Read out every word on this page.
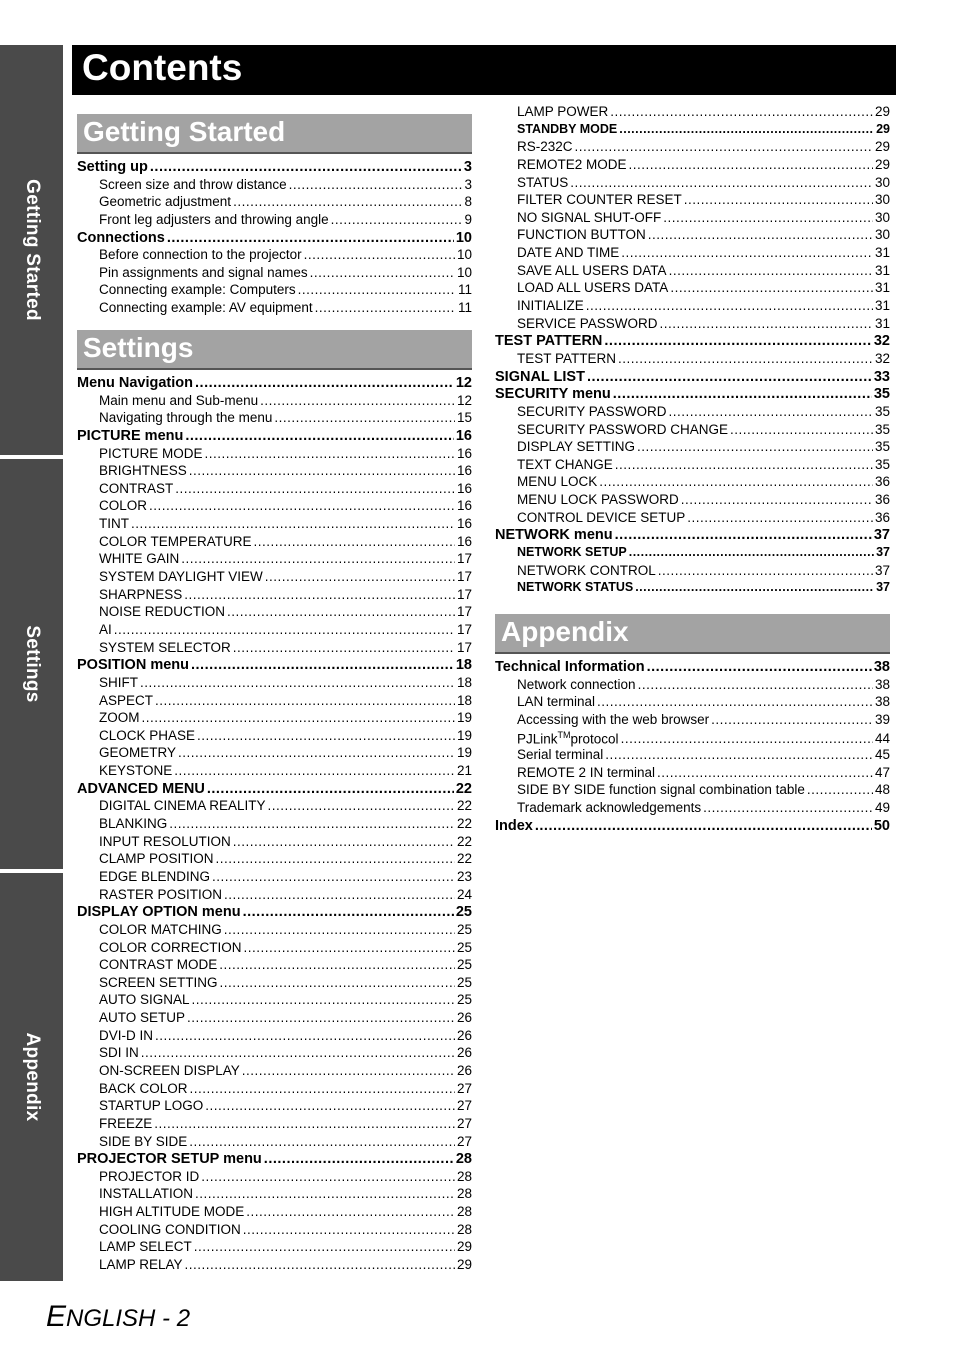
Getting Started
Settings
Appendix
Contents
Getting Started
Setting up .....	3
Screen size and throw distance .....	3
Geometric adjustment .....	8
Front leg adjusters and throwing angle .....	9
Connections .....	10
Before connection to the projector .....	10
Pin assignments and signal names .....	10
Connecting example: Computers .....	11
Connecting example: AV equipment .....	11
Settings
Menu Navigation .....	12
Main menu and Sub-menu .....	12
Navigating through the menu .....	15
PICTURE menu .....	16
PICTURE MODE .....	16
BRIGHTNESS .....	16
CONTRAST .....	16
COLOR .....	16
TINT .....	16
COLOR TEMPERATURE .....	16
WHITE GAIN .....	17
SYSTEM DAYLIGHT VIEW .....	17
SHARPNESS .....	17
NOISE REDUCTION .....	17
AI .....	17
SYSTEM SELECTOR .....	17
POSITION menu .....	18
SHIFT .....	18
ASPECT .....	18
ZOOM .....	19
CLOCK PHASE .....	19
GEOMETRY .....	19
KEYSTONE .....	21
ADVANCED MENU .....	22
DIGITAL CINEMA REALITY .....	22
BLANKING .....	22
INPUT RESOLUTION .....	22
CLAMP POSITION .....	22
EDGE BLENDING .....	23
RASTER POSITION .....	24
DISPLAY OPTION menu .....	25
COLOR MATCHING .....	25
COLOR CORRECTION .....	25
CONTRAST MODE .....	25
SCREEN SETTING .....	25
AUTO SIGNAL .....	25
AUTO SETUP .....	26
DVI-D IN .....	26
SDI IN .....	26
ON-SCREEN DISPLAY .....	26
BACK COLOR .....	27
STARTUP LOGO .....	27
FREEZE .....	27
SIDE BY SIDE .....	27
PROJECTOR SETUP menu .....	28
PROJECTOR ID .....	28
INSTALLATION .....	28
HIGH ALTITUDE MODE .....	28
COOLING CONDITION .....	28
LAMP SELECT .....	29
LAMP RELAY .....	29
LAMP POWER .....	29
STANDBY MODE .....	29
RS-232C .....	29
REMOTE2 MODE .....	29
STATUS .....	30
FILTER COUNTER RESET .....	30
NO SIGNAL SHUT-OFF .....	30
FUNCTION BUTTON .....	30
DATE AND TIME .....	31
SAVE ALL USERS DATA .....	31
LOAD ALL USERS DATA .....	31
INITIALIZE .....	31
SERVICE PASSWORD .....	31
TEST PATTERN .....	32
TEST PATTERN .....	32
SIGNAL LIST .....	33
SECURITY menu .....	35
SECURITY PASSWORD .....	35
SECURITY PASSWORD CHANGE .....	35
DISPLAY SETTING .....	35
TEXT CHANGE .....	35
MENU LOCK .....	36
MENU LOCK PASSWORD .....	36
CONTROL DEVICE SETUP .....	36
NETWORK menu .....	37
NETWORK SETUP .....	37
NETWORK CONTROL .....	37
NETWORK STATUS .....	37
Appendix
Technical Information .....	38
Network connection .....	38
LAN terminal .....	38
Accessing with the web browser .....	39
PJLink™protocol .....	44
Serial terminal .....	45
REMOTE 2 IN terminal .....	47
SIDE BY SIDE function signal combination table .....	48
Trademark acknowledgements .....	49
Index .....	50
ENGLISH - 2
